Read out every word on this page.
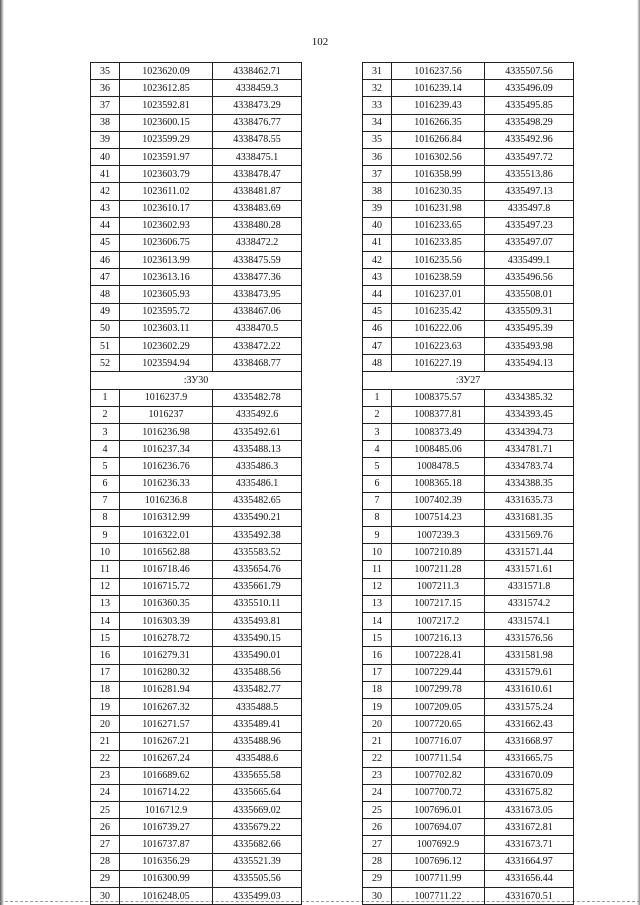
102
35	1023620.09	4338462.71
36	1023612.85	4338459.3
37	1023592.81	4338473.29
38	1023600.15	4338476.77
39	1023599.29	4338478.55
40	1023591.97	4338475.1
41	1023603.79	4338478.47
42	1023611.02	4338481.87
43	1023610.17	4338483.69
44	1023602.93	4338480.28
45	1023606.75	4338472.2
46	1023613.99	4338475.59
47	1023613.16	4338477.36
48	1023605.93	4338473.95
49	1023595.72	4338467.06
50	1023603.11	4338470.5
51	1023602.29	4338472.22
52	1023594.94	4338468.77
:ЗУ30		
1	1016237.9	4335482.78
2	1016237	4335492.6
3	1016236.98	4335492.61
4	1016237.34	4335488.13
5	1016236.76	4335486.3
6	1016236.33	4335486.1
7	1016236.8	4335482.65
8	1016312.99	4335490.21
9	1016322.01	4335492.38
10	1016562.88	4335583.52
11	1016718.46	4335654.76
12	1016715.72	4335661.79
13	1016360.35	4335510.11
14	1016303.39	4335493.81
15	1016278.72	4335490.15
16	1016279.31	4335490.01
17	1016280.32	4335488.56
18	1016281.94	4335482.77
19	1016267.32	4335488.5
20	1016271.57	4335489.41
21	1016267.21	4335488.96
22	1016267.24	4335488.6
23	1016689.62	4335655.58
24	1016714.22	4335665.64
25	1016712.9	4335669.02
26	1016739.27	4335679.22
27	1016737.87	4335682.66
28	1016356.29	4335521.39
29	1016300.99	4335505.56
30	1016248.05	4335499.03
31	1016237.56	4335507.56
32	1016239.14	4335496.09
33	1016239.43	4335495.85
34	1016266.35	4335498.29
35	1016266.84	4335492.96
36	1016302.56	4335497.72
37	1016358.99	4335513.86
38	1016230.35	4335497.13
39	1016231.98	4335497.8
40	1016233.65	4335497.23
41	1016233.85	4335497.07
42	1016235.56	4335499.1
43	1016238.59	4335496.56
44	1016237.01	4335508.01
45	1016235.42	4335509.31
46	1016222.06	4335495.39
47	1016223.63	4335493.98
48	1016227.19	4335494.13
:ЗУ27		
1	1008375.57	4334385.32
2	1008377.81	4334393.45
3	1008373.49	4334394.73
4	1008485.06	4334781.71
5	1008478.5	4334783.74
6	1008365.18	4334388.35
7	1007402.39	4331635.73
8	1007514.23	4331681.35
9	1007239.3	4331569.76
10	1007210.89	4331571.44
11	1007211.28	4331571.61
12	1007211.3	4331571.8
13	1007217.15	4331574.2
14	1007217.2	4331574.1
15	1007216.13	4331576.56
16	1007228.41	4331581.98
17	1007229.44	4331579.61
18	1007299.78	4331610.61
19	1007209.05	4331575.24
20	1007720.65	4331662.43
21	1007716.07	4331668.97
22	1007711.54	4331665.75
23	1007702.82	4331670.09
24	1007700.72	4331675.82
25	1007696.01	4331673.05
26	1007694.07	4331672.81
27	1007692.9	4331673.71
28	1007696.12	4331664.97
29	1007711.99	4331656.44
30	1007711.22	4331670.51
